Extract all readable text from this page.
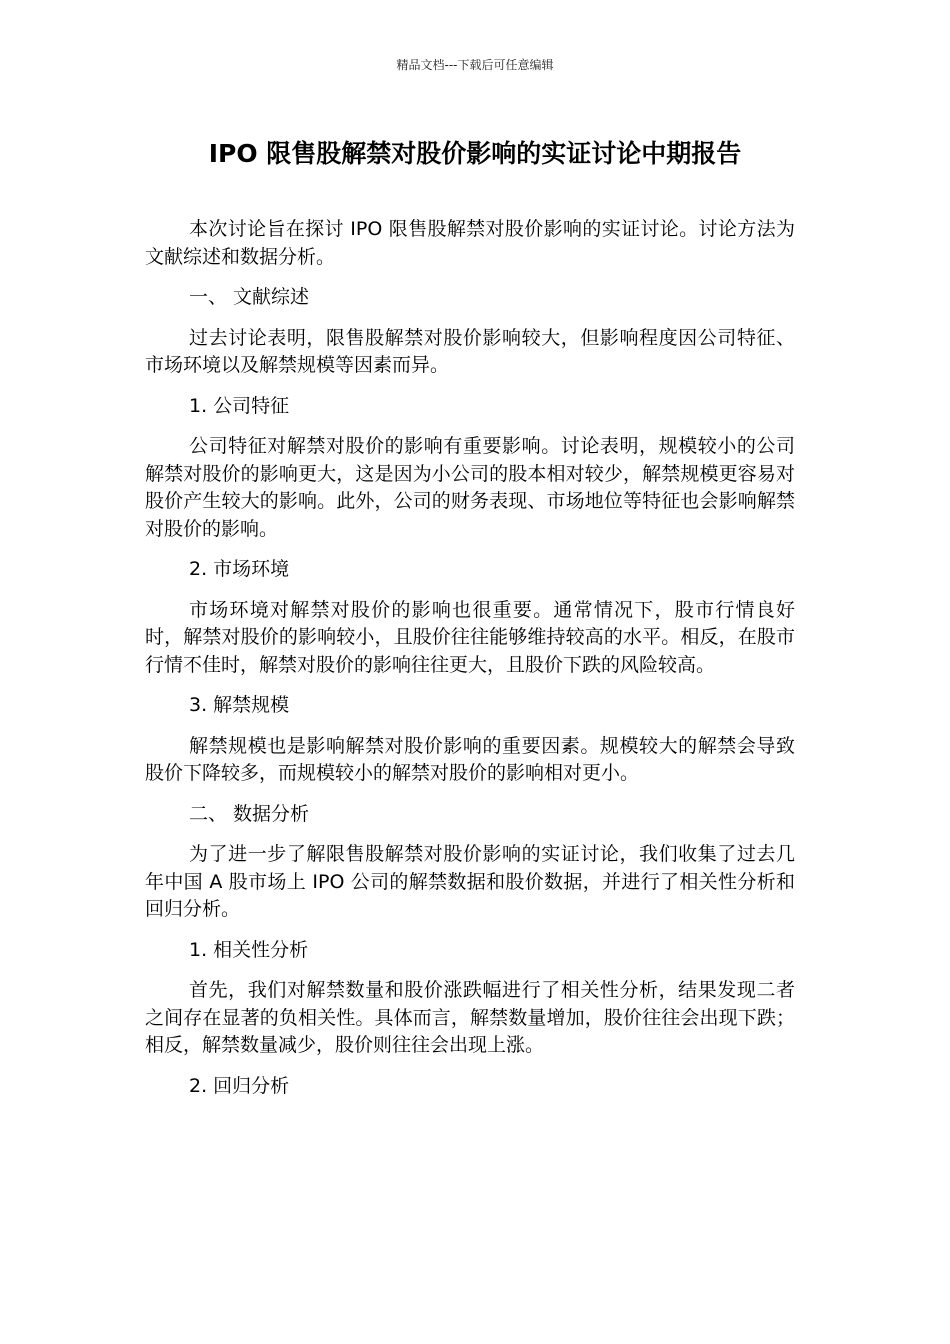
精品文档---下载后可任意编辑
IPO 限售股解禁对股价影响的实证讨论中期报告

本次讨论旨在探讨 IPO 限售股解禁对股价影响的实证讨论。讨论方法为文献综述和数据分析。

一、 文献综述

过去讨论表明，限售股解禁对股价影响较大，但影响程度因公司特征、市场环境以及解禁规模等因素而异。

1. 公司特征

公司特征对解禁对股价的影响有重要影响。讨论表明，规模较小的公司解禁对股价的影响更大，这是因为小公司的股本相对较少，解禁规模更容易对股价产生较大的影响。此外，公司的财务表现、市场地位等特征也会影响解禁对股价的影响。

2. 市场环境

市场环境对解禁对股价的影响也很重要。通常情况下，股市行情良好时，解禁对股价的影响较小，且股价往往能够维持较高的水平。相反，在股市行情不佳时，解禁对股价的影响往往更大，且股价下跌的风险较高。

3. 解禁规模

解禁规模也是影响解禁对股价影响的重要因素。规模较大的解禁会导致股价下降较多，而规模较小的解禁对股价的影响相对更小。

二、 数据分析

为了进一步了解限售股解禁对股价影响的实证讨论，我们收集了过去几年中国 A 股市场上 IPO 公司的解禁数据和股价数据，并进行了相关性分析和回归分析。

1. 相关性分析

首先，我们对解禁数量和股价涨跌幅进行了相关性分析，结果发现二者之间存在显著的负相关性。具体而言，解禁数量增加，股价往往会出现下跌；相反，解禁数量减少，股价则往往会出现上涨。

2. 回归分析
